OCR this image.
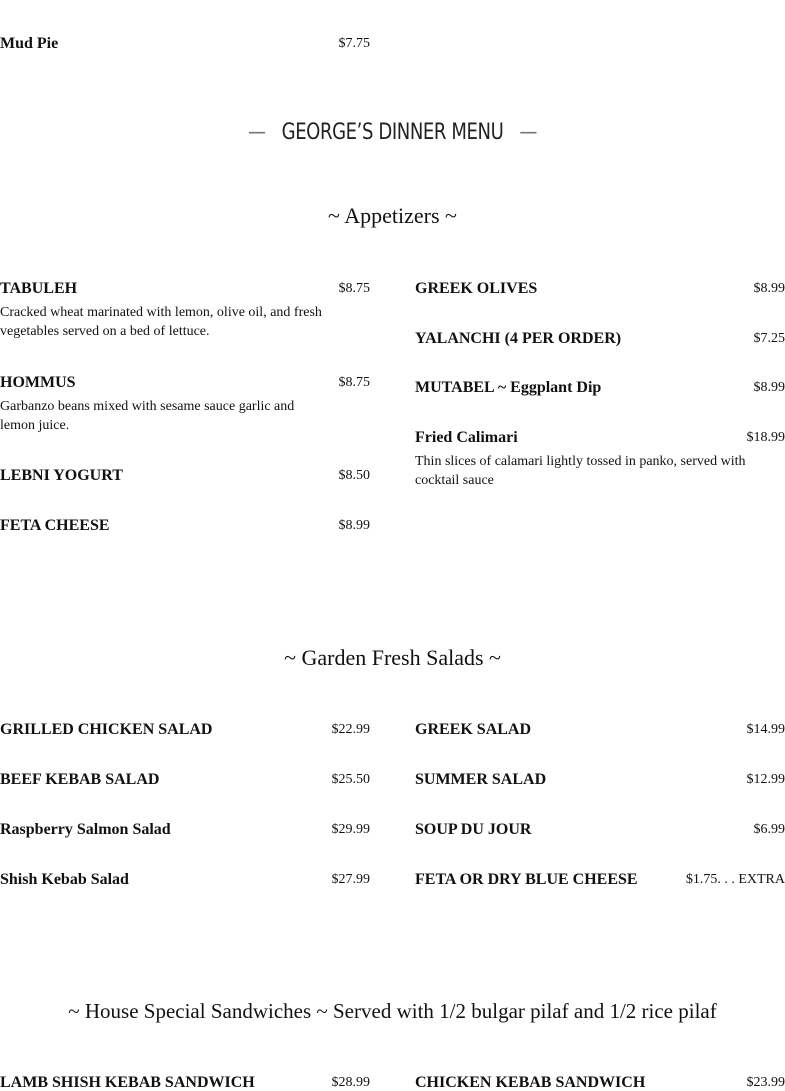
Mud Pie	$7.75
— GEORGE’S DINNER MENU —
~ Appetizers ~
TABULEH	$8.75
Cracked wheat marinated with lemon, olive oil, and fresh vegetables served on a bed of lettuce.
HOMMUS	$8.75
Garbanzo beans mixed with sesame sauce garlic and lemon juice.
LEBNI YOGURT	$8.50
FETA CHEESE	$8.99
GREEK OLIVES	$8.99
YALANCHI (4 PER ORDER)	$7.25
MUTABEL ~ Eggplant Dip	$8.99
Fried Calimari	$18.99
Thin slices of calamari lightly tossed in panko, served with cocktail sauce
~ Garden Fresh Salads ~
GRILLED CHICKEN SALAD	$22.99
BEEF KEBAB SALAD	$25.50
Raspberry Salmon Salad	$29.99
Shish Kebab Salad	$27.99
GREEK SALAD	$14.99
SUMMER SALAD	$12.99
SOUP DU JOUR	$6.99
FETA OR DRY BLUE CHEESE	$1.75. . . EXTRA
~ House Special Sandwiches ~ Served with 1/2 bulgar pilaf and 1/2 rice pilaf
LAMB SHISH KEBAB SANDWICH	$28.99	CHICKEN KEBAB SANDWICH	$23.99
